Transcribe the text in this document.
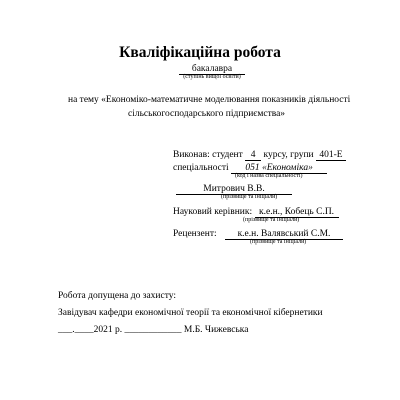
Кваліфікаційна робота
бакалавра
(ступінь вищої освіти)
на тему «Економіко-математичне моделювання показників діяльності
сільськогосподарського підприємства»
Виконав: студент 4 курсу, групи 401-Е
спеціальності 051 «Економіка»
(код і назва спеціальності)
Митрович В.В.
(прізвище та ініціали)
Науковий керівник: к.е.н., Кобець С.П.
(прізвище та ініціали)
Рецензент: к.е.н. Валявський С.М.
(прізвище та ініціали)
Робота допущена до захисту:
Завідувач кафедри економічної теорії та економічної кібернетики
___.____2021 р. ____________ М.Б. Чижевська
